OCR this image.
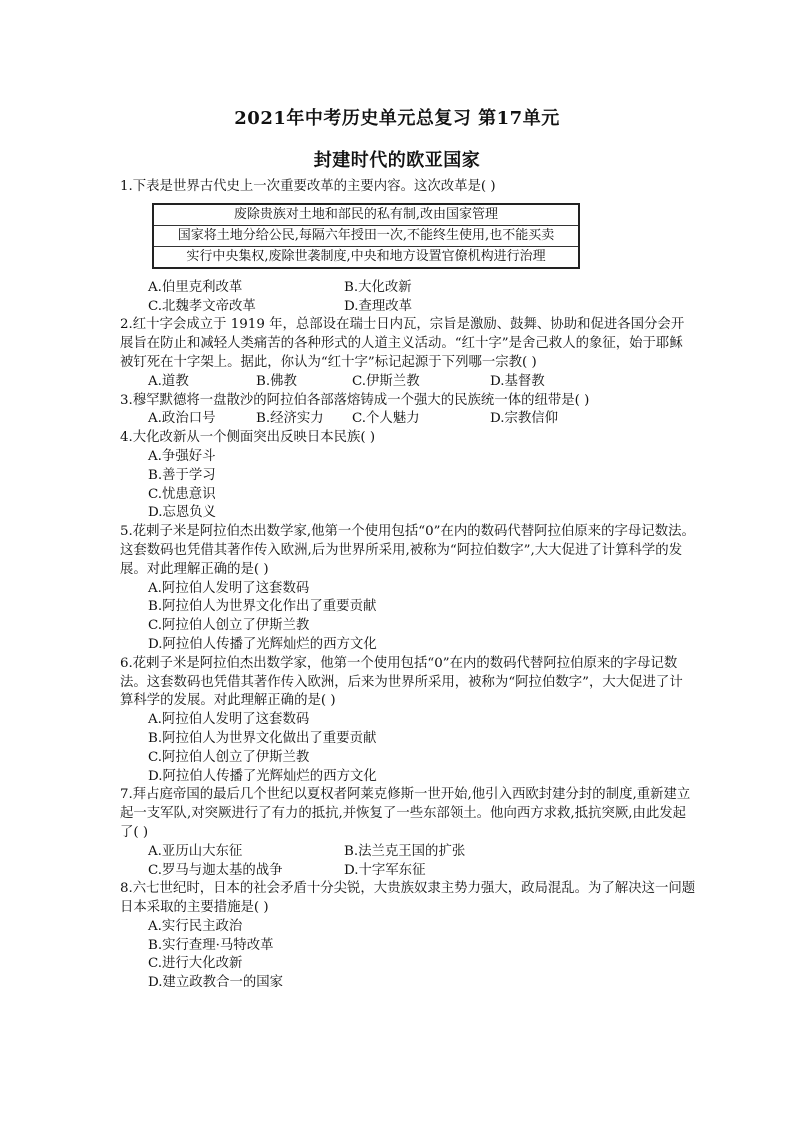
2021年中考历史单元总复习 第17单元
封建时代的欧亚国家
1.下表是世界古代史上一次重要改革的主要内容。这次改革是( )
废除贵族对土地和部民的私有制,改由国家管理
国家将土地分给公民,每隔六年授田一次,不能终生使用,也不能买卖
实行中央集权,废除世袭制度,中央和地方设置官僚机构进行治理
A.伯里克利改革	B.大化改新
C.北魏孝文帝改革	D.查理改革
2.红十字会成立于 1919 年，总部设在瑞士日内瓦，宗旨是激励、鼓舞、协助和促进各国分会开展旨在防止和减轻人类痛苦的各种形式的人道主义活动。“红十字”是舍己救人的象征，始于耶稣被钉死在十字架上。据此，你认为“红十字”标记起源于下列哪一宗教( )
A.道教	B.佛教	C.伊斯兰教	D.基督教
3.穆罕默德将一盘散沙的阿拉伯各部落熔铸成一个强大的民族统一体的纽带是( )
A.政治口号	B.经济实力	C.个人魅力	D.宗教信仰
4.大化改新从一个侧面突出反映日本民族( )
A.争强好斗
B.善于学习
C.忧患意识
D.忘恩负义
5.花剌子米是阿拉伯杰出数学家,他第一个使用包括“0”在内的数码代替阿拉伯原来的字母记数法。这套数码也凭借其著作传入欧洲,后为世界所采用,被称为“阿拉伯数字”,大大促进了计算科学的发展。对此理解正确的是( )
A.阿拉伯人发明了这套数码
B.阿拉伯人为世界文化作出了重要贡献
C.阿拉伯人创立了伊斯兰教
D.阿拉伯人传播了光辉灿烂的西方文化
6.花剌子米是阿拉伯杰出数学家，他第一个使用包括“0”在内的数码代替阿拉伯原来的字母记数法。这套数码也凭借其著作传入欧洲，后来为世界所采用，被称为“阿拉伯数字”，大大促进了计算科学的发展。对此理解正确的是( )
A.阿拉伯人发明了这套数码
B.阿拉伯人为世界文化做出了重要贡献
C.阿拉伯人创立了伊斯兰教
D.阿拉伯人传播了光辉灿烂的西方文化
7.拜占庭帝国的最后几个世纪以夏权者阿莱克修斯一世开始,他引入西欧封建分封的制度,重新建立起一支军队,对突厥进行了有力的抵抗,并恢复了一些东部领土。他向西方求救,抵抗突厥,由此发起了( )
A.亚历山大东征	B.法兰克王国的扩张
C.罗马与迦太基的战争	D.十字军东征
8.六七世纪时，日本的社会矛盾十分尖锐，大贵族奴隶主势力强大，政局混乱。为了解决这一问题日本采取的主要措施是( )
A.实行民主政治
B.实行查理·马特改革
C.进行大化改新
D.建立政教合一的国家
